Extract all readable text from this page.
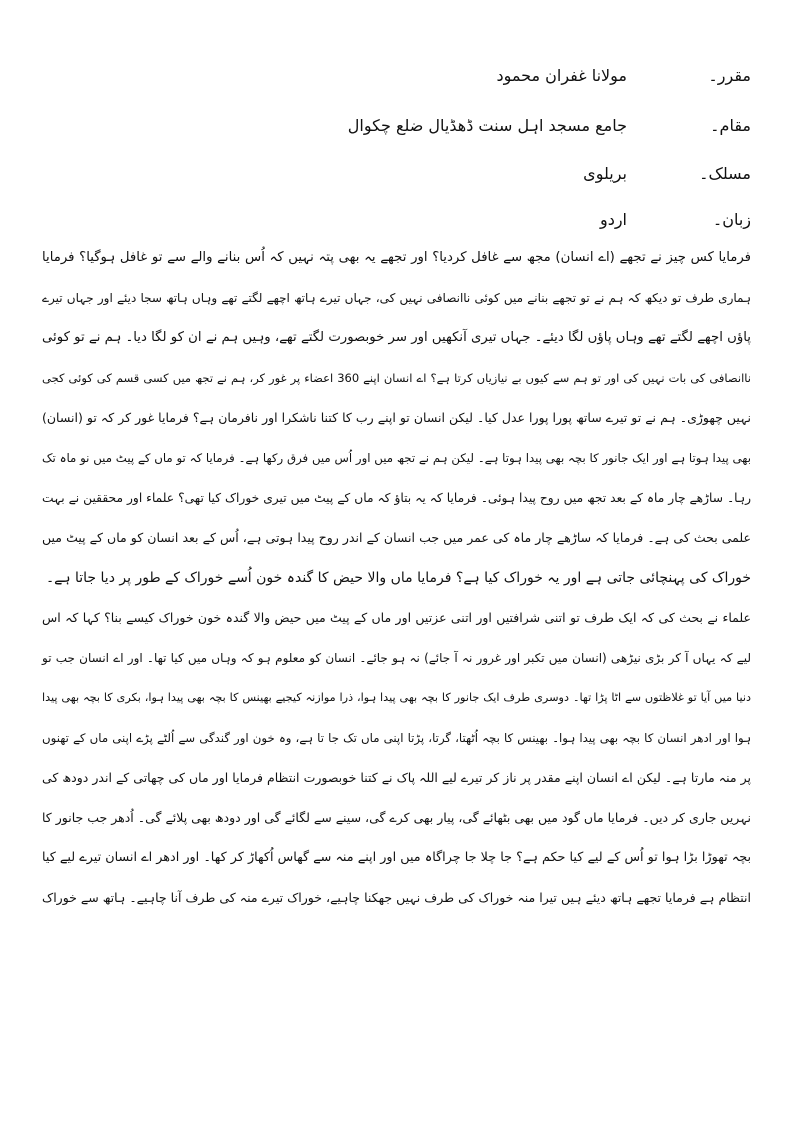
مقرر۔
مولانا غفران محمود
مقام۔
جامع مسجد اہل سنت ڈھڈیال ضلع چکوال
مسلک۔
بریلوی
زبان۔
اردو
فرمایا کس چیز نے تجھے (اے انسان) مجھ سے غافل کردیا؟ اور تجھے یہ بھی پتہ نہیں کہ اُس بنانے والے سے تو غافل ہوگیا؟ فرمایا
ہماری طرف تو دیکھ کہ ہم نے تو تجھے بنانے میں کوئی ناانصافی نہیں کی، جہاں تیرے ہاتھ اچھے لگتے تھے وہاں ہاتھ سجا دیئے اور جہاں تیرے
پاؤں اچھے لگتے تھے وہاں پاؤں لگا دیئے۔ جہاں تیری آنکھیں اور سر خوبصورت لگتے تھے، وہیں ہم نے ان کو لگا دیا۔ ہم نے تو کوئی
ناانصافی کی بات نہیں کی اور تو ہم سے کیوں بے نیازیاں کرتا ہے؟ اے انسان اپنے 360 اعضاء پر غور کر، ہم نے تجھ میں کسی قسم کی کوئی کجی
نہیں چھوڑی۔ ہم نے تو تیرے ساتھ پورا پورا عدل کیا۔ لیکن انسان تو اپنے رب کا کتنا ناشکرا اور نافرمان ہے؟ فرمایا غور کر کہ تو (انسان)
بھی پیدا ہوتا ہے اور ایک جانور کا بچہ بھی پیدا ہوتا ہے۔ لیکن ہم نے تجھ میں اور اُس میں فرق رکھا ہے۔ فرمایا کہ تو ماں کے پیٹ میں نو ماہ تک
رہا۔ ساڑھے چار ماہ کے بعد تجھ میں روح پیدا ہوئی۔ فرمایا کہ یہ بتاؤ کہ ماں کے پیٹ میں تیری خوراک کیا تھی؟ علماء اور محققین نے بہت
علمی بحث کی ہے۔ فرمایا کہ ساڑھے چار ماہ کی عمر میں جب انسان کے اندر روح پیدا ہوتی ہے، اُس کے بعد انسان کو ماں کے پیٹ میں
خوراک کی پہنچائی جاتی ہے اور یہ خوراک کیا ہے؟ فرمایا ماں والا حیض کا گندہ خون اُسے خوراک کے طور پر دیا جاتا ہے۔
علماء نے بحث کی کہ ایک طرف تو اتنی شرافتیں اور اتنی عزتیں اور ماں کے پیٹ میں حیض والا گندہ خون خوراک کیسے بنا؟ کہا کہ اس
لیے کہ یہاں آ کر بڑی نیڑھی (انسان میں تکبر اور غرور نہ آ جائے) نہ ہو جائے۔ انسان کو معلوم ہو کہ وہاں میں کیا تھا۔ اور اے انسان جب تو
دنیا میں آیا تو غلاظتوں سے اٹا پڑا تھا۔ دوسری طرف ایک جانور کا بچہ بھی پیدا ہوا، ذرا موازنہ کیجیے بھینس کا بچہ بھی پیدا ہوا، بکری کا بچہ بھی پیدا
ہوا اور ادھر انسان کا بچہ بھی پیدا ہوا۔ بھینس کا بچہ اُٹھتا، گرتا، پڑتا اپنی ماں تک جا تا ہے، وہ خون اور گندگی سے اُلٹے پڑے اپنی ماں کے تھنوں
پر منہ مارتا ہے۔ لیکن اے انسان اپنے مقدر پر ناز کر تیرے لیے اللہ پاک نے کتنا خوبصورت انتظام فرمایا اور ماں کی چھاتی کے اندر دودھ کی
نہریں جاری کر دیں۔ فرمایا ماں گود میں بھی بٹھائے گی، پیار بھی کرے گی، سینے سے لگائے گی اور دودھ بھی پلائے گی۔ اُدھر جب جانور کا
بچہ تھوڑا بڑا ہوا تو اُس کے لیے کیا حکم ہے؟ جا چلا جا چراگاہ میں اور اپنے منہ سے گھاس اُکھاڑ کر کھا۔ اور ادھر اے انسان تیرے لیے کیا
انتظام ہے فرمایا تجھے ہاتھ دیئے ہیں تیرا منہ خوراک کی طرف نہیں جھکنا چاہیے، خوراک تیرے منہ کی طرف آنا چاہیے۔ ہاتھ سے خوراک
